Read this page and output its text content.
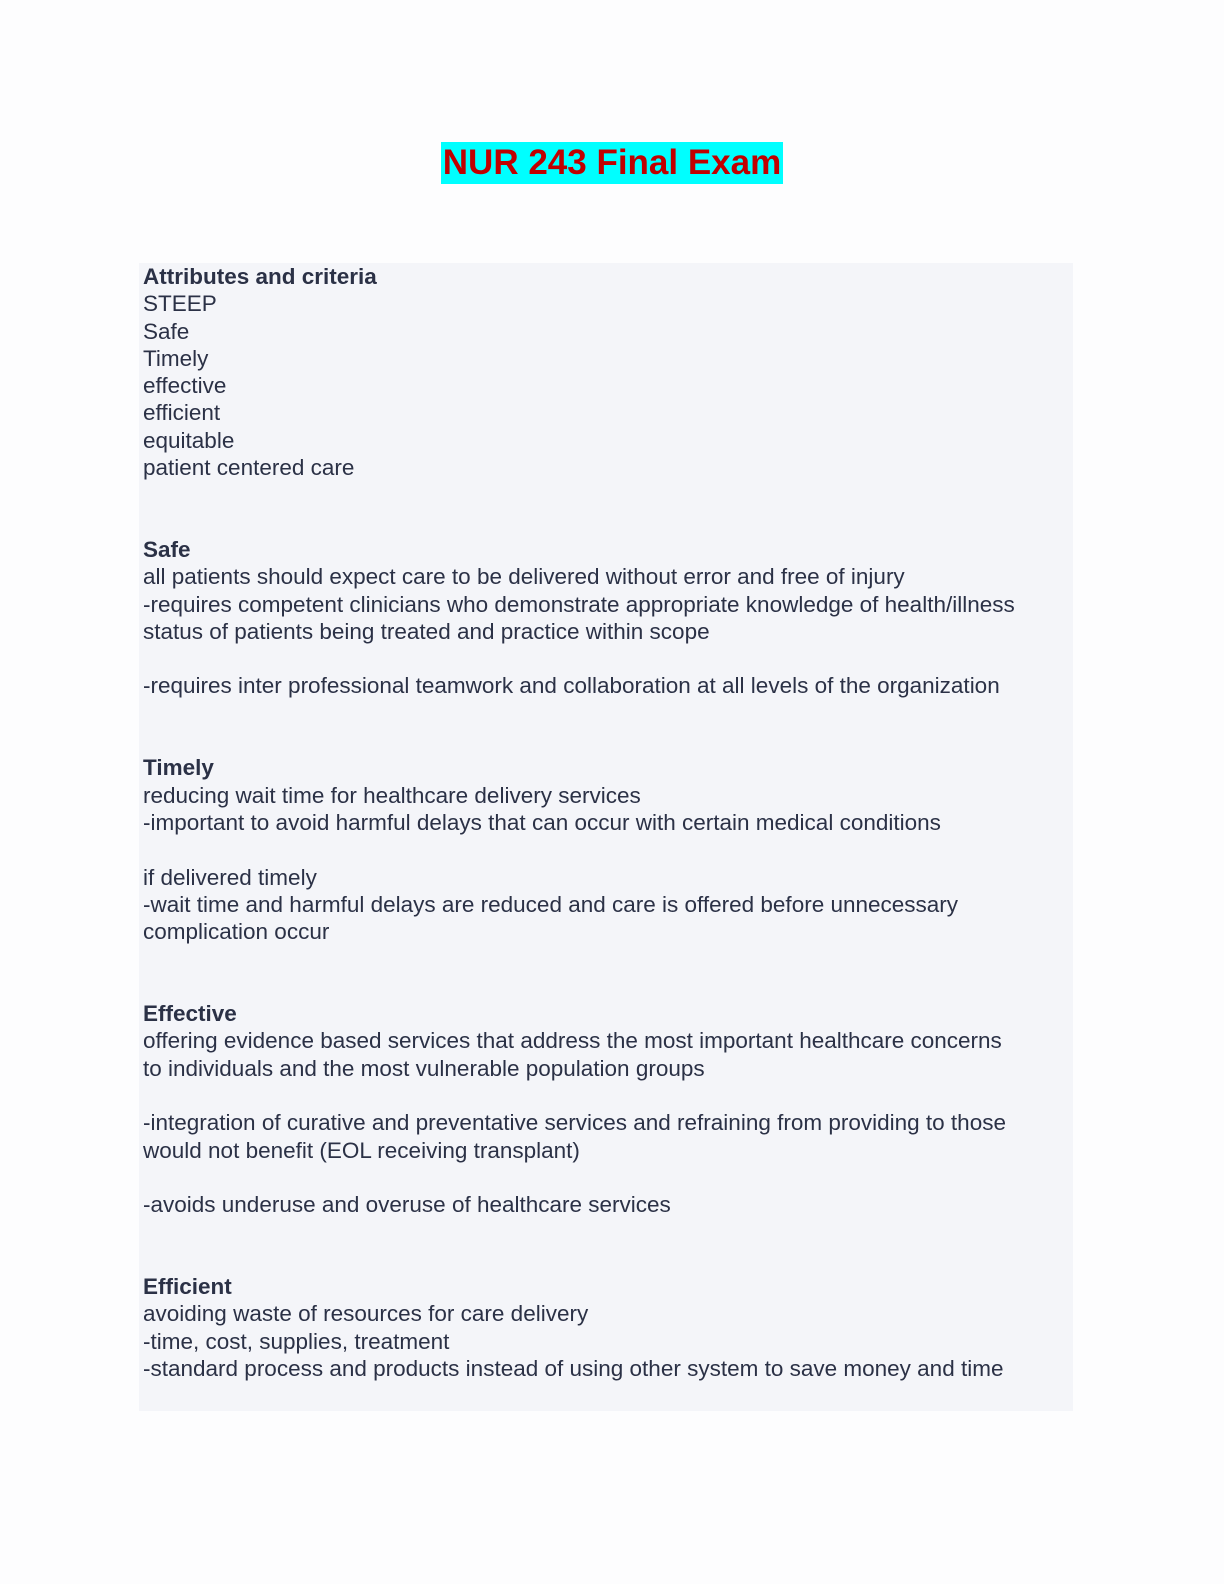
NUR 243 Final Exam
Attributes and criteria
STEEP
Safe
Timely
effective
efficient
equitable
patient centered care
Safe
all patients should expect care to be delivered without error and free of injury
-requires competent clinicians who demonstrate appropriate knowledge of health/illness
status of patients being treated and practice within scope
-requires inter professional teamwork and collaboration at all levels of the organization
Timely
reducing wait time for healthcare delivery services
-important to avoid harmful delays that can occur with certain medical conditions
if delivered timely
-wait time and harmful delays are reduced and care is offered before unnecessary
complication occur
Effective
offering evidence based services that address the most important healthcare concerns
to individuals and the most vulnerable population groups
-integration of curative and preventative services and refraining from providing to those
would not benefit (EOL receiving transplant)
-avoids underuse and overuse of healthcare services
Efficient
avoiding waste of resources for care delivery
-time, cost, supplies, treatment
-standard process and products instead of using other system to save money and time
